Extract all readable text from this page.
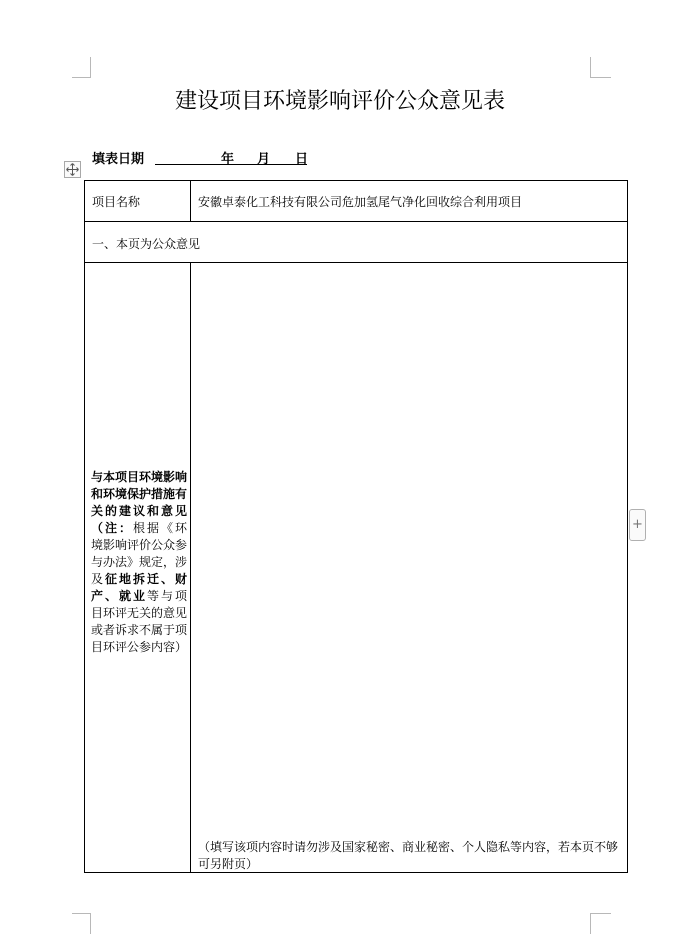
建设项目环境影响评价公众意见表
填表日期	年 月 日
+
项目名称	安徽卓泰化工科技有限公司危加氢尾气净化回收综合利用项目
一、本页为公众意见
与本项目环境影响和环境保护措施有关的建议和意见（注：根据《环境影响评价公众参与办法》规定，涉及征地拆迁、财产、就业等与项目环评无关的意见或者诉求不属于项目环评公参内容）
（填写该项内容时请勿涉及国家秘密、商业秘密、个人隐私等内容，若本页不够可另附页）
